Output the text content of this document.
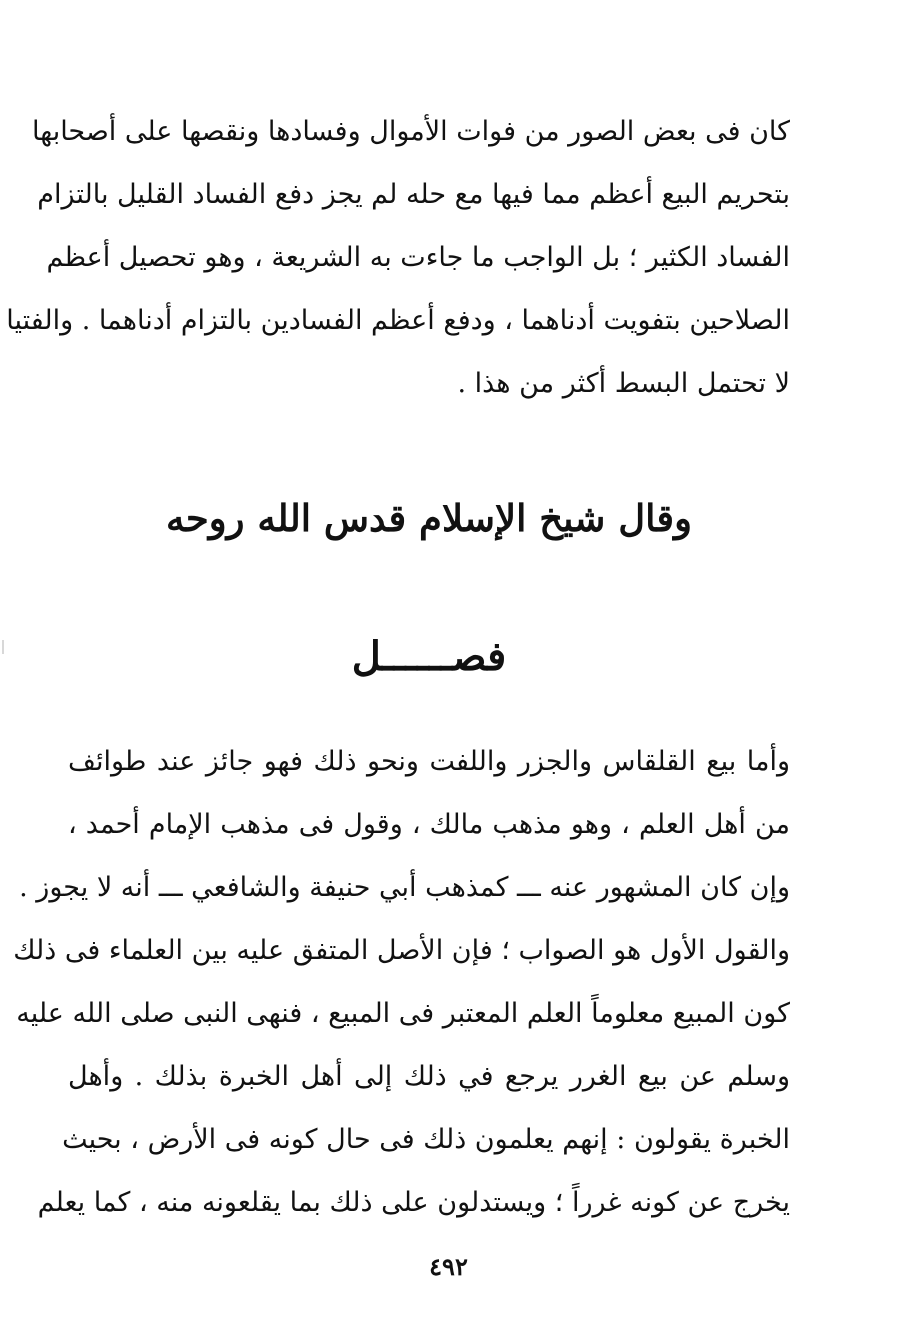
كان فى بعض الصور من فوات الأموال وفسادها ونقصها على أصحابها
بتحريم البيع أعظم مما فيها مع حله لم يجز دفع الفساد القليل بالتزام
الفساد الكثير ؛ بل الواجب ما جاءت به الشريعة ، وهو تحصيل أعظم
الصلاحين بتفويت أدناهما ، ودفع أعظم الفسادين بالتزام أدناهما . والفتيا
لا تحتمل البسط أكثر من هذا .
وقال شيخ الإسلام قدس الله روحه
فصــــــل
وأما بيع القلقاس والجزر واللفت ونحو ذلك فهو جائز عند طوائف
من أهل العلم ، وهو مذهب مالك ، وقول فى مذهب الإمام أحمد ،
وإن كان المشهور عنه ـــ كمذهب أبي حنيفة والشافعي ـــ أنه لا يجوز .
والقول الأول هو الصواب ؛ فإن الأصل المتفق عليه بين العلماء فى ذلك
كون المبيع معلوماً العلم المعتبر فى المبيع ، فنهى النبى صلى الله عليه
وسلم عن بيع الغرر يرجع في ذلك إلى أهل الخبرة بذلك . وأهل
الخبرة يقولون : إنهم يعلمون ذلك فى حال كونه فى الأرض ، بحيث
يخرج عن كونه غرراً ؛ ويستدلون على ذلك بما يقلعونه منه ، كما يعلم
٤٩٢
